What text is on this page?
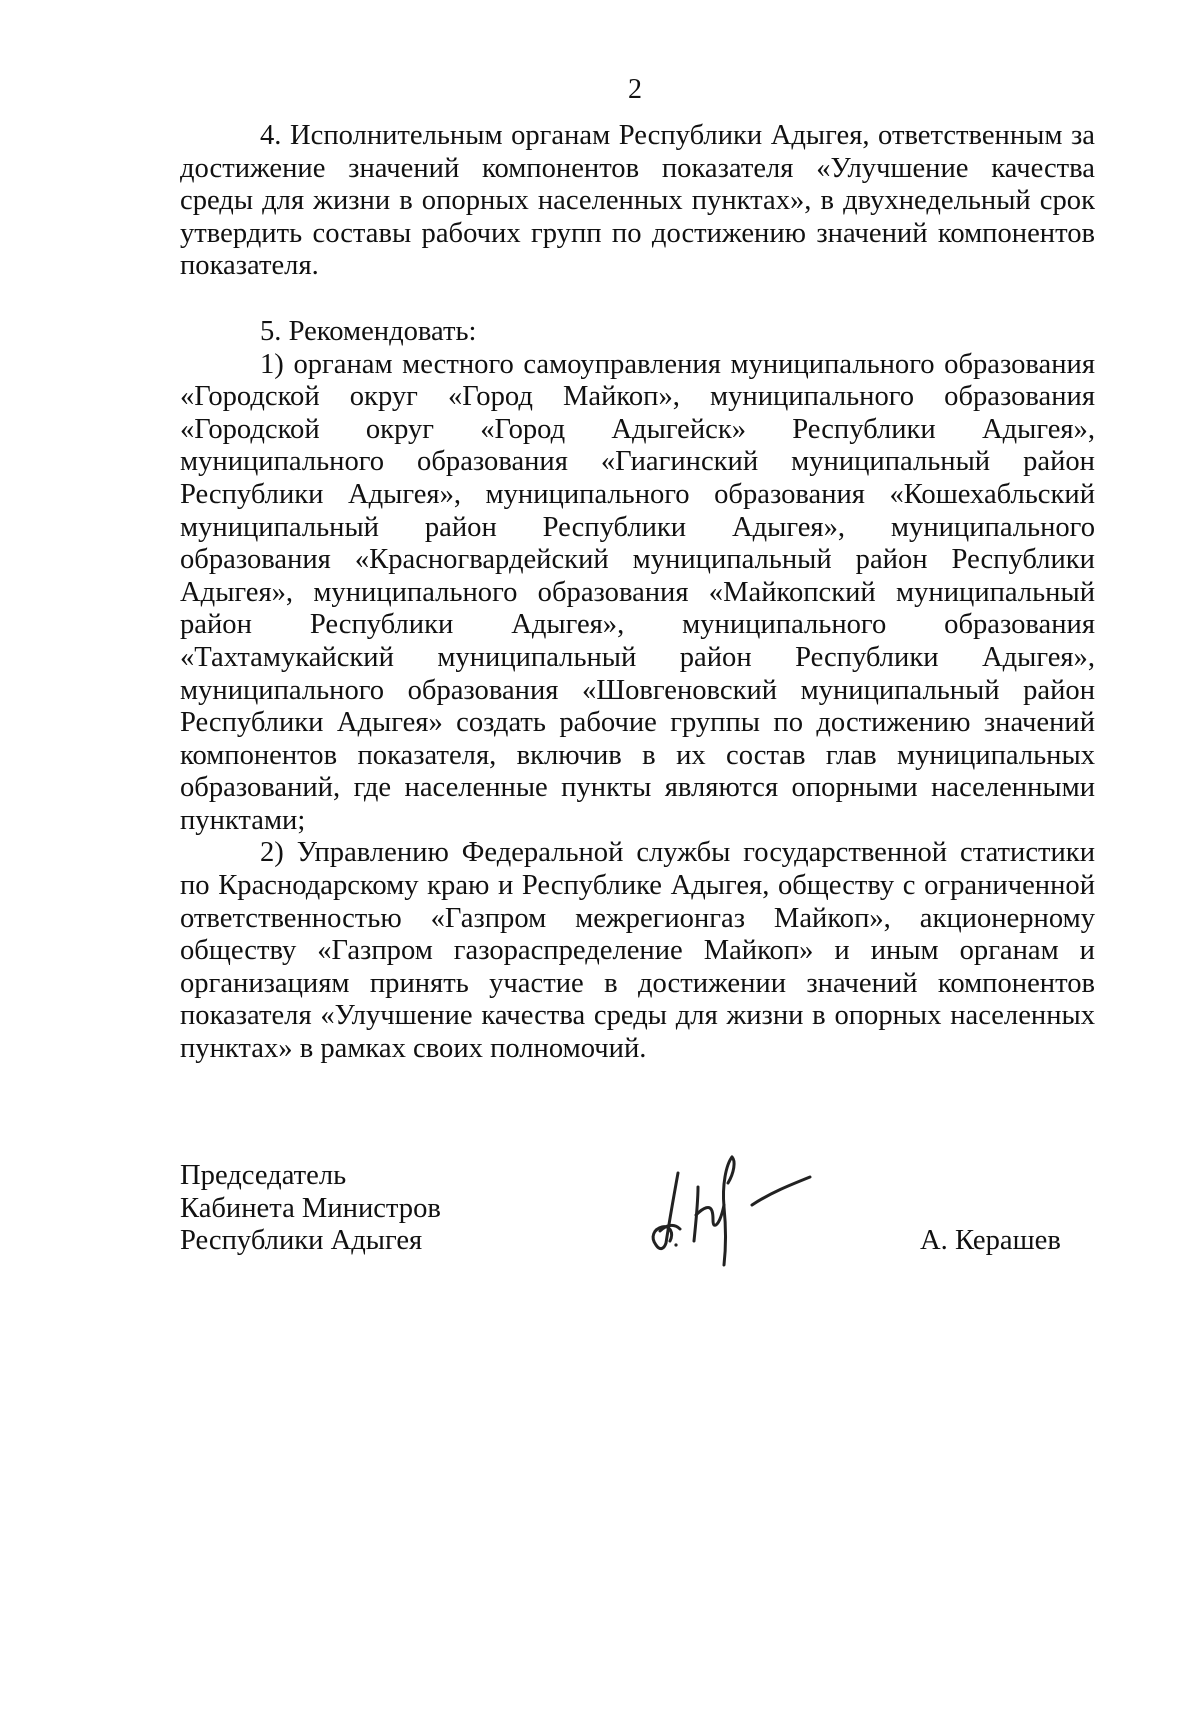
2

4. Исполнительным органам Республики Адыгея, ответственным за достижение значений компонентов показателя «Улучшение качества среды для жизни в опорных населенных пунктах», в двухнедельный срок утвердить составы рабочих групп по достижению значений компонентов показателя.

5. Рекомендовать:

1) органам местного самоуправления муниципального образования «Городской округ «Город Майкоп», муниципального образования «Городской округ «Город Адыгейск» Республики Адыгея», муниципального образования «Гиагинский муниципальный район Республики Адыгея», муниципального образования «Кошехабльский муниципальный район Республики Адыгея», муниципального образования «Красногвардейский муниципальный район Республики Адыгея», муниципального образования «Майкопский муниципальный район Республики Адыгея», муниципального образования «Тахтамукайский муниципальный район Республики Адыгея», муниципального образования «Шовгеновский муниципальный район Республики Адыгея» создать рабочие группы по достижению значений компонентов показателя, включив в их состав глав муниципальных образований, где населенные пункты являются опорными населенными пунктами;

2) Управлению Федеральной службы государственной статистики по Краснодарскому краю и Республике Адыгея, обществу с ограниченной ответственностью «Газпром межрегионгаз Майкоп», акционерному обществу «Газпром газораспределение Майкоп» и иным органам и организациям принять участие в достижении значений компонентов показателя «Улучшение качества среды для жизни в опорных населенных пунктах» в рамках своих полномочий.

Председатель
Кабинета Министров
Республики Адыгея	А. Керашев
